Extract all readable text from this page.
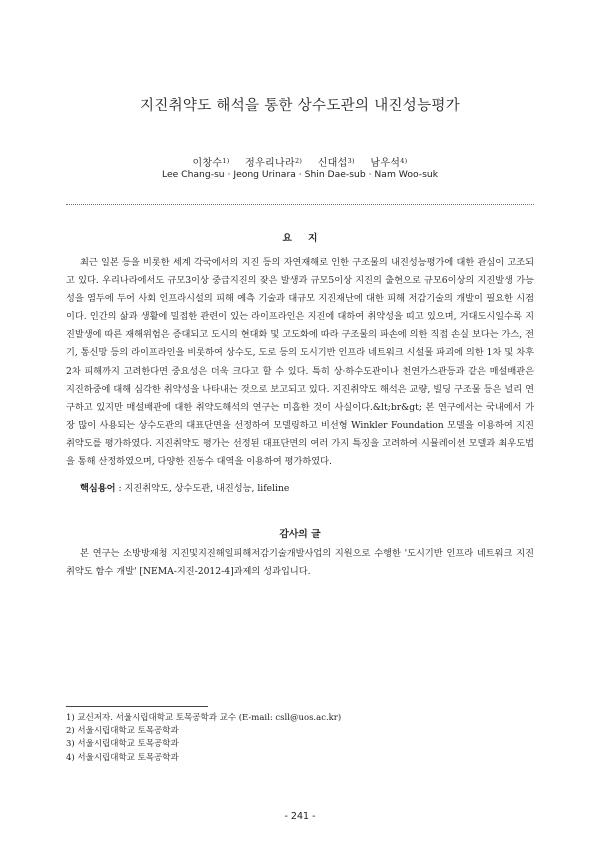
지진취약도 해석을 통한 상수도관의 내진성능평가
이창수$^{1)}$ 정우리나라$^{2)}$ 신대섭$^{3)}$ 남우석$^{4)}$
Lee Chang-su · Jeong Urinara · Shin Dae-sub · Nam Woo-suk
요지

최근 일본 등을 비롯한 세계 각국에서의 지진 등의 자연재해로 인한 구조물의 내진성능평가에 대한 관심이 고조되고 있다. 우리나라에서도 규모3이상 중급지진의 잦은 발생과 규모5이상 지진의 출현으로 규모6이상의 지진발생 가능성을 염두에 두어 사회 인프라시설의 피해 예측 기술과 대규모 지진재난에 대한 피해 저감기술의 개발이 필요한 시점이다. 인간의 삶과 생활에 밀접한 관련이 있는 라이프라인은 지진에 대하여 취약성을 띠고 있으며, 거대도시일수록 지진발생에 따른 재해위험은 증대되고 도시의 현대화 및 고도화에 따라 구조물의 파손에 의한 직접 손실 보다는 가스, 전기, 통신망 등의 라이프라인을 비롯하여 상수도, 도로 등의 도시기반 인프라 네트워크 시설물 파괴에 의한 1차 및 차후 2차 피해까지 고려한다면 중요성은 더욱 크다고 할 수 있다. 특히 상·하수도관이나 천연가스관등과 같은 매설배관은 지진하중에 대해 심각한 취약성을 나타내는 것으로 보고되고 있다. 지진취약도 해석은 교량, 빌딩 구조물 등은 널리 연구하고 있지만 매설배관에 대한 취약도해석의 연구는 미흡한 것이 사실이다.&lt;br&gt; 본 연구에서는 국내에서 가장 많이 사용되는 상수도관의 대표단면을 선정하여 모델링하고 비선형 Winkler Foundation 모델을 이용하여 지진취약도를 평가하였다. 지진취약도 평가는 선정된 대표단면의 여러 가지 특징을 고려하여 시뮬레이션 모델과 최우도법을 통해 산정하였으며, 다양한 진동수 대역을 이용하여 평가하였다.

핵심용어 : 지진취약도, 상수도관, 내진성능, lifeline
감사의 글

본 연구는 소방방재청 지진및지진해일피해저감기술개발사업의 지원으로 수행한 '도시기반 인프라 네트워크 지진취약도 함수 개발' [NEMA-지진-2012-4]과제의 성과입니다.

1) 교신저자. 서울시립대학교 토목공학과 교수 (E-mail: csll@uos.ac.kr)
2) 서울시립대학교 토목공학과
3) 서울시립대학교 토목공학과
4) 서울시립대학교 토목공학과
- 241 -
